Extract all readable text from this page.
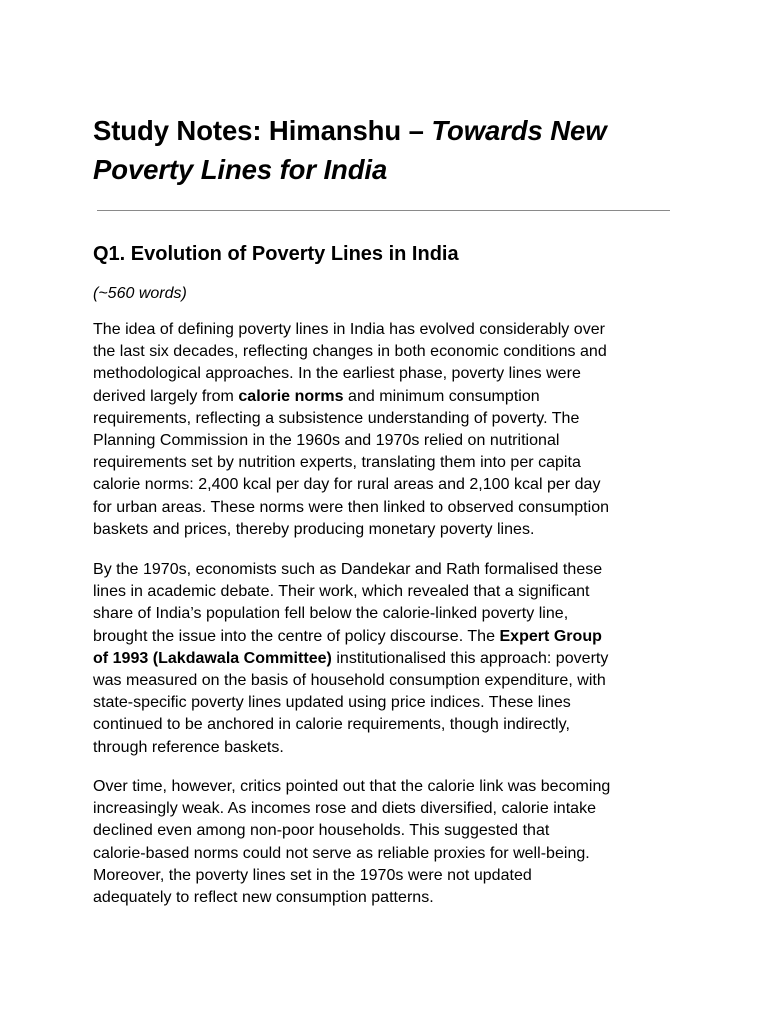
Study Notes: Himanshu – Towards New
Poverty Lines for India
Q1. Evolution of Poverty Lines in India

(~560 words)

The idea of defining poverty lines in India has evolved considerably over
the last six decades, reflecting changes in both economic conditions and
methodological approaches. In the earliest phase, poverty lines were
derived largely from calorie norms and minimum consumption
requirements, reflecting a subsistence understanding of poverty. The
Planning Commission in the 1960s and 1970s relied on nutritional
requirements set by nutrition experts, translating them into per capita
calorie norms: 2,400 kcal per day for rural areas and 2,100 kcal per day
for urban areas. These norms were then linked to observed consumption
baskets and prices, thereby producing monetary poverty lines.

By the 1970s, economists such as Dandekar and Rath formalised these
lines in academic debate. Their work, which revealed that a significant
share of India’s population fell below the calorie-linked poverty line,
brought the issue into the centre of policy discourse. The Expert Group
of 1993 (Lakdawala Committee) institutionalised this approach: poverty
was measured on the basis of household consumption expenditure, with
state-specific poverty lines updated using price indices. These lines
continued to be anchored in calorie requirements, though indirectly,
through reference baskets.

Over time, however, critics pointed out that the calorie link was becoming
increasingly weak. As incomes rose and diets diversified, calorie intake
declined even among non-poor households. This suggested that
calorie-based norms could not serve as reliable proxies for well-being.
Moreover, the poverty lines set in the 1970s were not updated
adequately to reflect new consumption patterns.
